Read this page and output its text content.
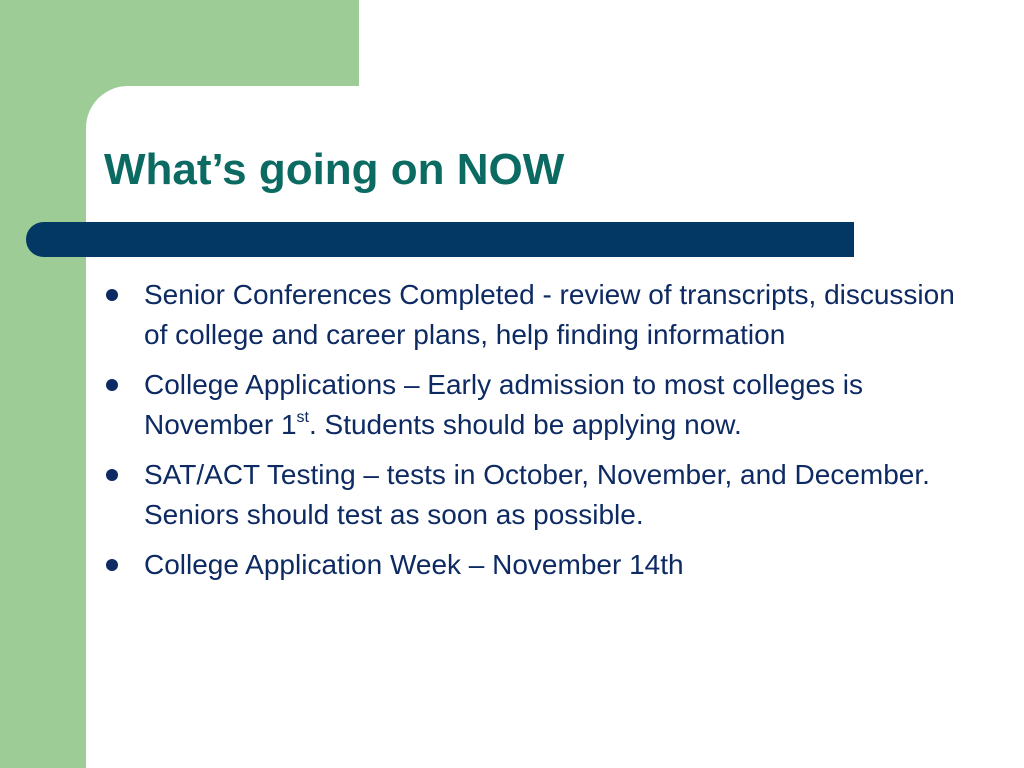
What’s going on NOW
Senior Conferences Completed - review of transcripts, discussion of college and career plans, help finding information
College Applications – Early admission to most colleges is November 1st. Students should be applying now.
SAT/ACT Testing – tests in October, November, and December. Seniors should test as soon as possible.
College Application Week – November 14th
